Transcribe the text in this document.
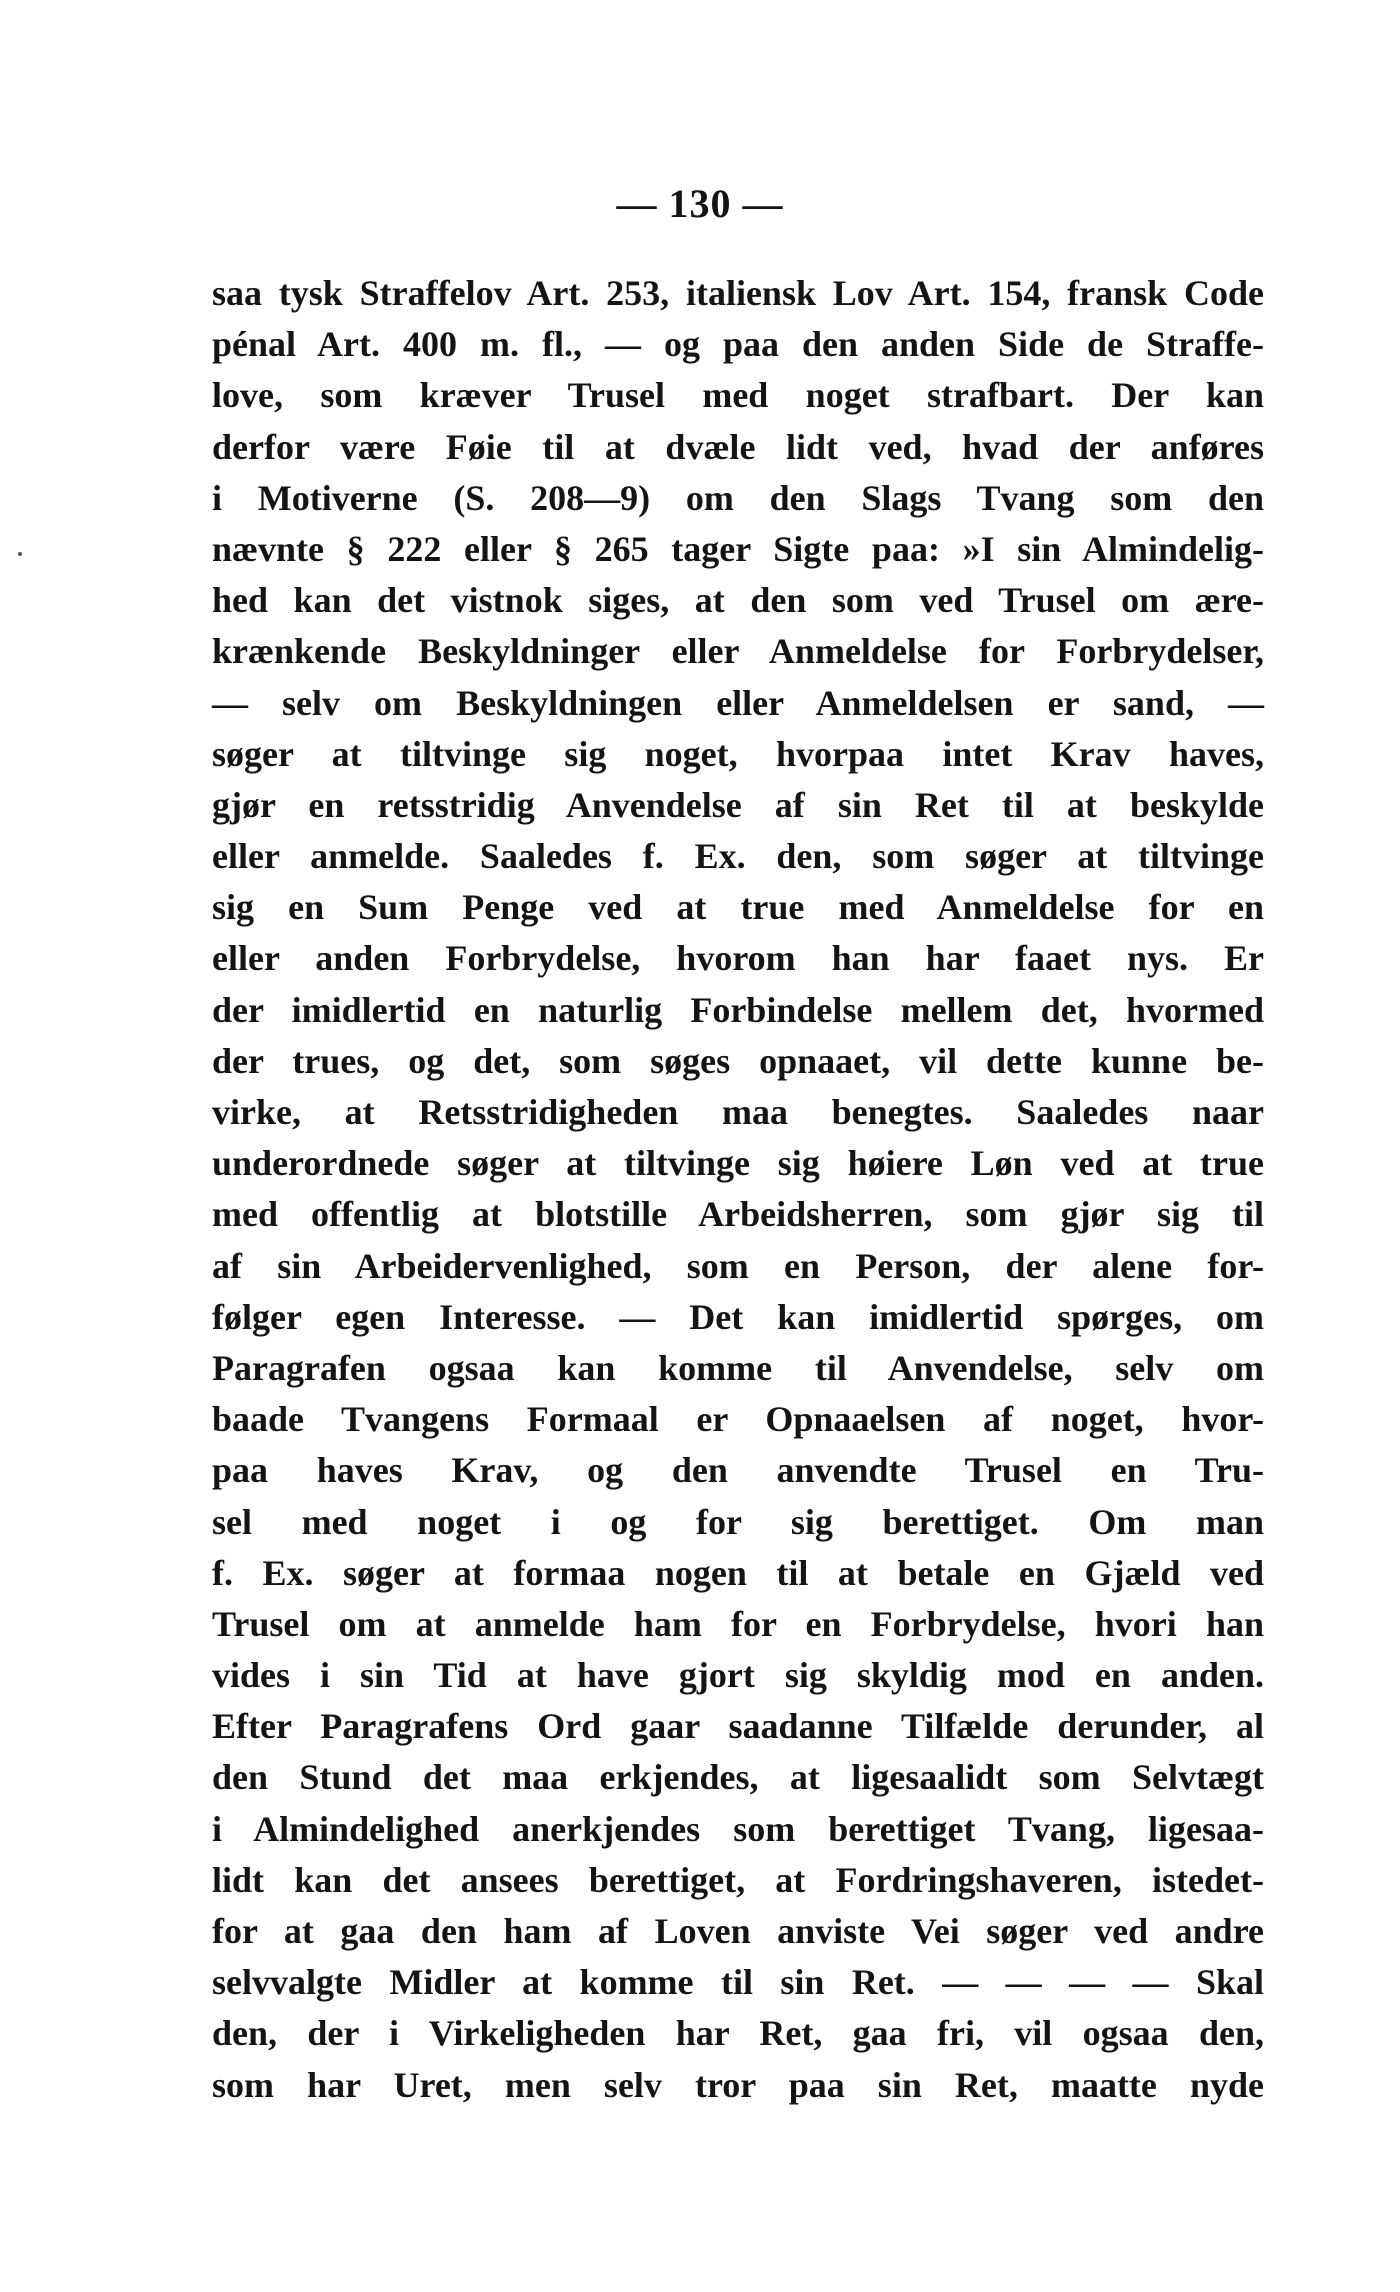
— 130 —
saa tysk Straffelov Art. 253, italiensk Lov Art. 154, fransk Code
pénal Art. 400 m. fl., — og paa den anden Side de Straffe-
love, som kræver Trusel med noget strafbart. Der kan
derfor være Føie til at dvæle lidt ved, hvad der anføres
i Motiverne (S. 208—9) om den Slags Tvang som den
nævnte § 222 eller § 265 tager Sigte paa: »I sin Almindelig-
hed kan det vistnok siges, at den som ved Trusel om ære-
krænkende Beskyldninger eller Anmeldelse for Forbrydelser,
— selv om Beskyldningen eller Anmeldelsen er sand, —
søger at tiltvinge sig noget, hvorpaa intet Krav haves,
gjør en retsstridig Anvendelse af sin Ret til at beskylde
eller anmelde. Saaledes f. Ex. den, som søger at tiltvinge
sig en Sum Penge ved at true med Anmeldelse for en
eller anden Forbrydelse, hvorom han har faaet nys. Er
der imidlertid en naturlig Forbindelse mellem det, hvormed
der trues, og det, som søges opnaaet, vil dette kunne be-
virke, at Retsstridigheden maa benegtes. Saaledes naar
underordnede søger at tiltvinge sig høiere Løn ved at true
med offentlig at blotstille Arbeidsherren, som gjør sig til
af sin Arbeidervenlighed, som en Person, der alene for-
følger egen Interesse. — Det kan imidlertid spørges, om
Paragrafen ogsaa kan komme til Anvendelse, selv om
baade Tvangens Formaal er Opnaaelsen af noget, hvor-
paa haves Krav, og den anvendte Trusel en Tru-
sel med noget i og for sig berettiget. Om man
f. Ex. søger at formaa nogen til at betale en Gjæld ved
Trusel om at anmelde ham for en Forbrydelse, hvori han
vides i sin Tid at have gjort sig skyldig mod en anden.
Efter Paragrafens Ord gaar saadanne Tilfælde derunder, al
den Stund det maa erkjendes, at ligesaalidt som Selvtægt
i Almindelighed anerkjendes som berettiget Tvang, ligesaa-
lidt kan det ansees berettiget, at Fordringshaveren, istedet-
for at gaa den ham af Loven anviste Vei søger ved andre
selvvalgte Midler at komme til sin Ret. — — — — Skal
den, der i Virkeligheden har Ret, gaa fri, vil ogsaa den,
som har Uret, men selv tror paa sin Ret, maatte nyde
